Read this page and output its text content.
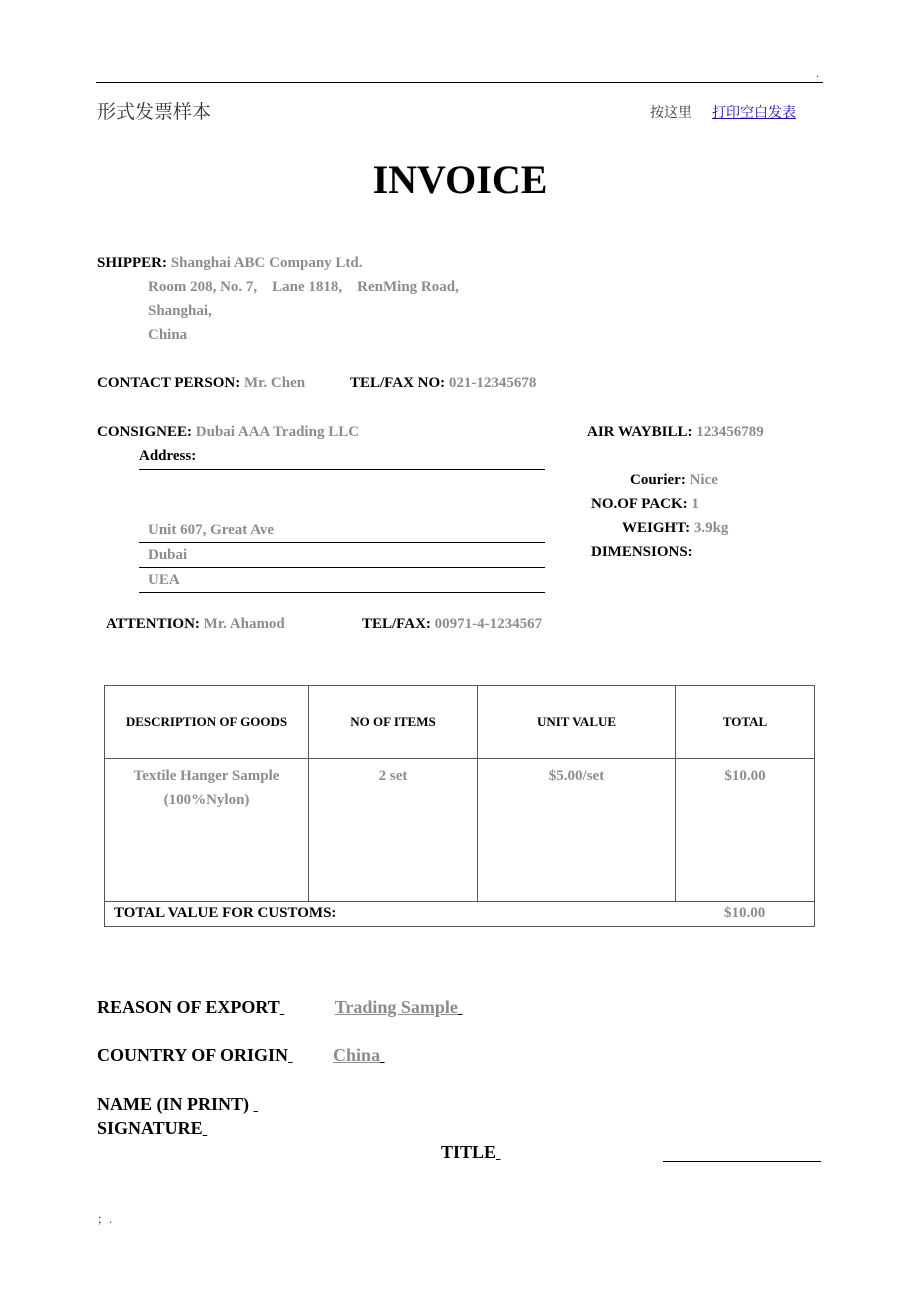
.
形式发票样本	按这里 打印空白发表
INVOICE
SHIPPER: Shanghai ABC Company Ltd.
Room 208, No. 7,    Lane 1818,    RenMing Road,
Shanghai,
China
CONTACT PERSON: Mr. Chen	TEL/FAX NO: 021-12345678
CONSIGNEE: Dubai AAA Trading LLC
Address:
Unit 607, Great Ave
Dubai
UEA
AIR WAYBILL: 123456789
Courier: Nice
NO.OF PACK: 1
WEIGHT: 3.9kg
DIMENSIONS:
ATTENTION: Mr. Ahamod	TEL/FAX: 00971-4-1234567
DESCRIPTION OF GOODS	NO OF ITEMS	UNIT VALUE	TOTAL

Textile Hanger Sample
(100%Nylon)	2 set	$5.00/set	$10.00

TOTAL VALUE FOR CUSTOMS: $10.00			
REASON OF EXPORT	Trading Sample
COUNTRY OF ORIGIN	China
NAME (IN PRINT)
SIGNATURE
TITLE
；.
